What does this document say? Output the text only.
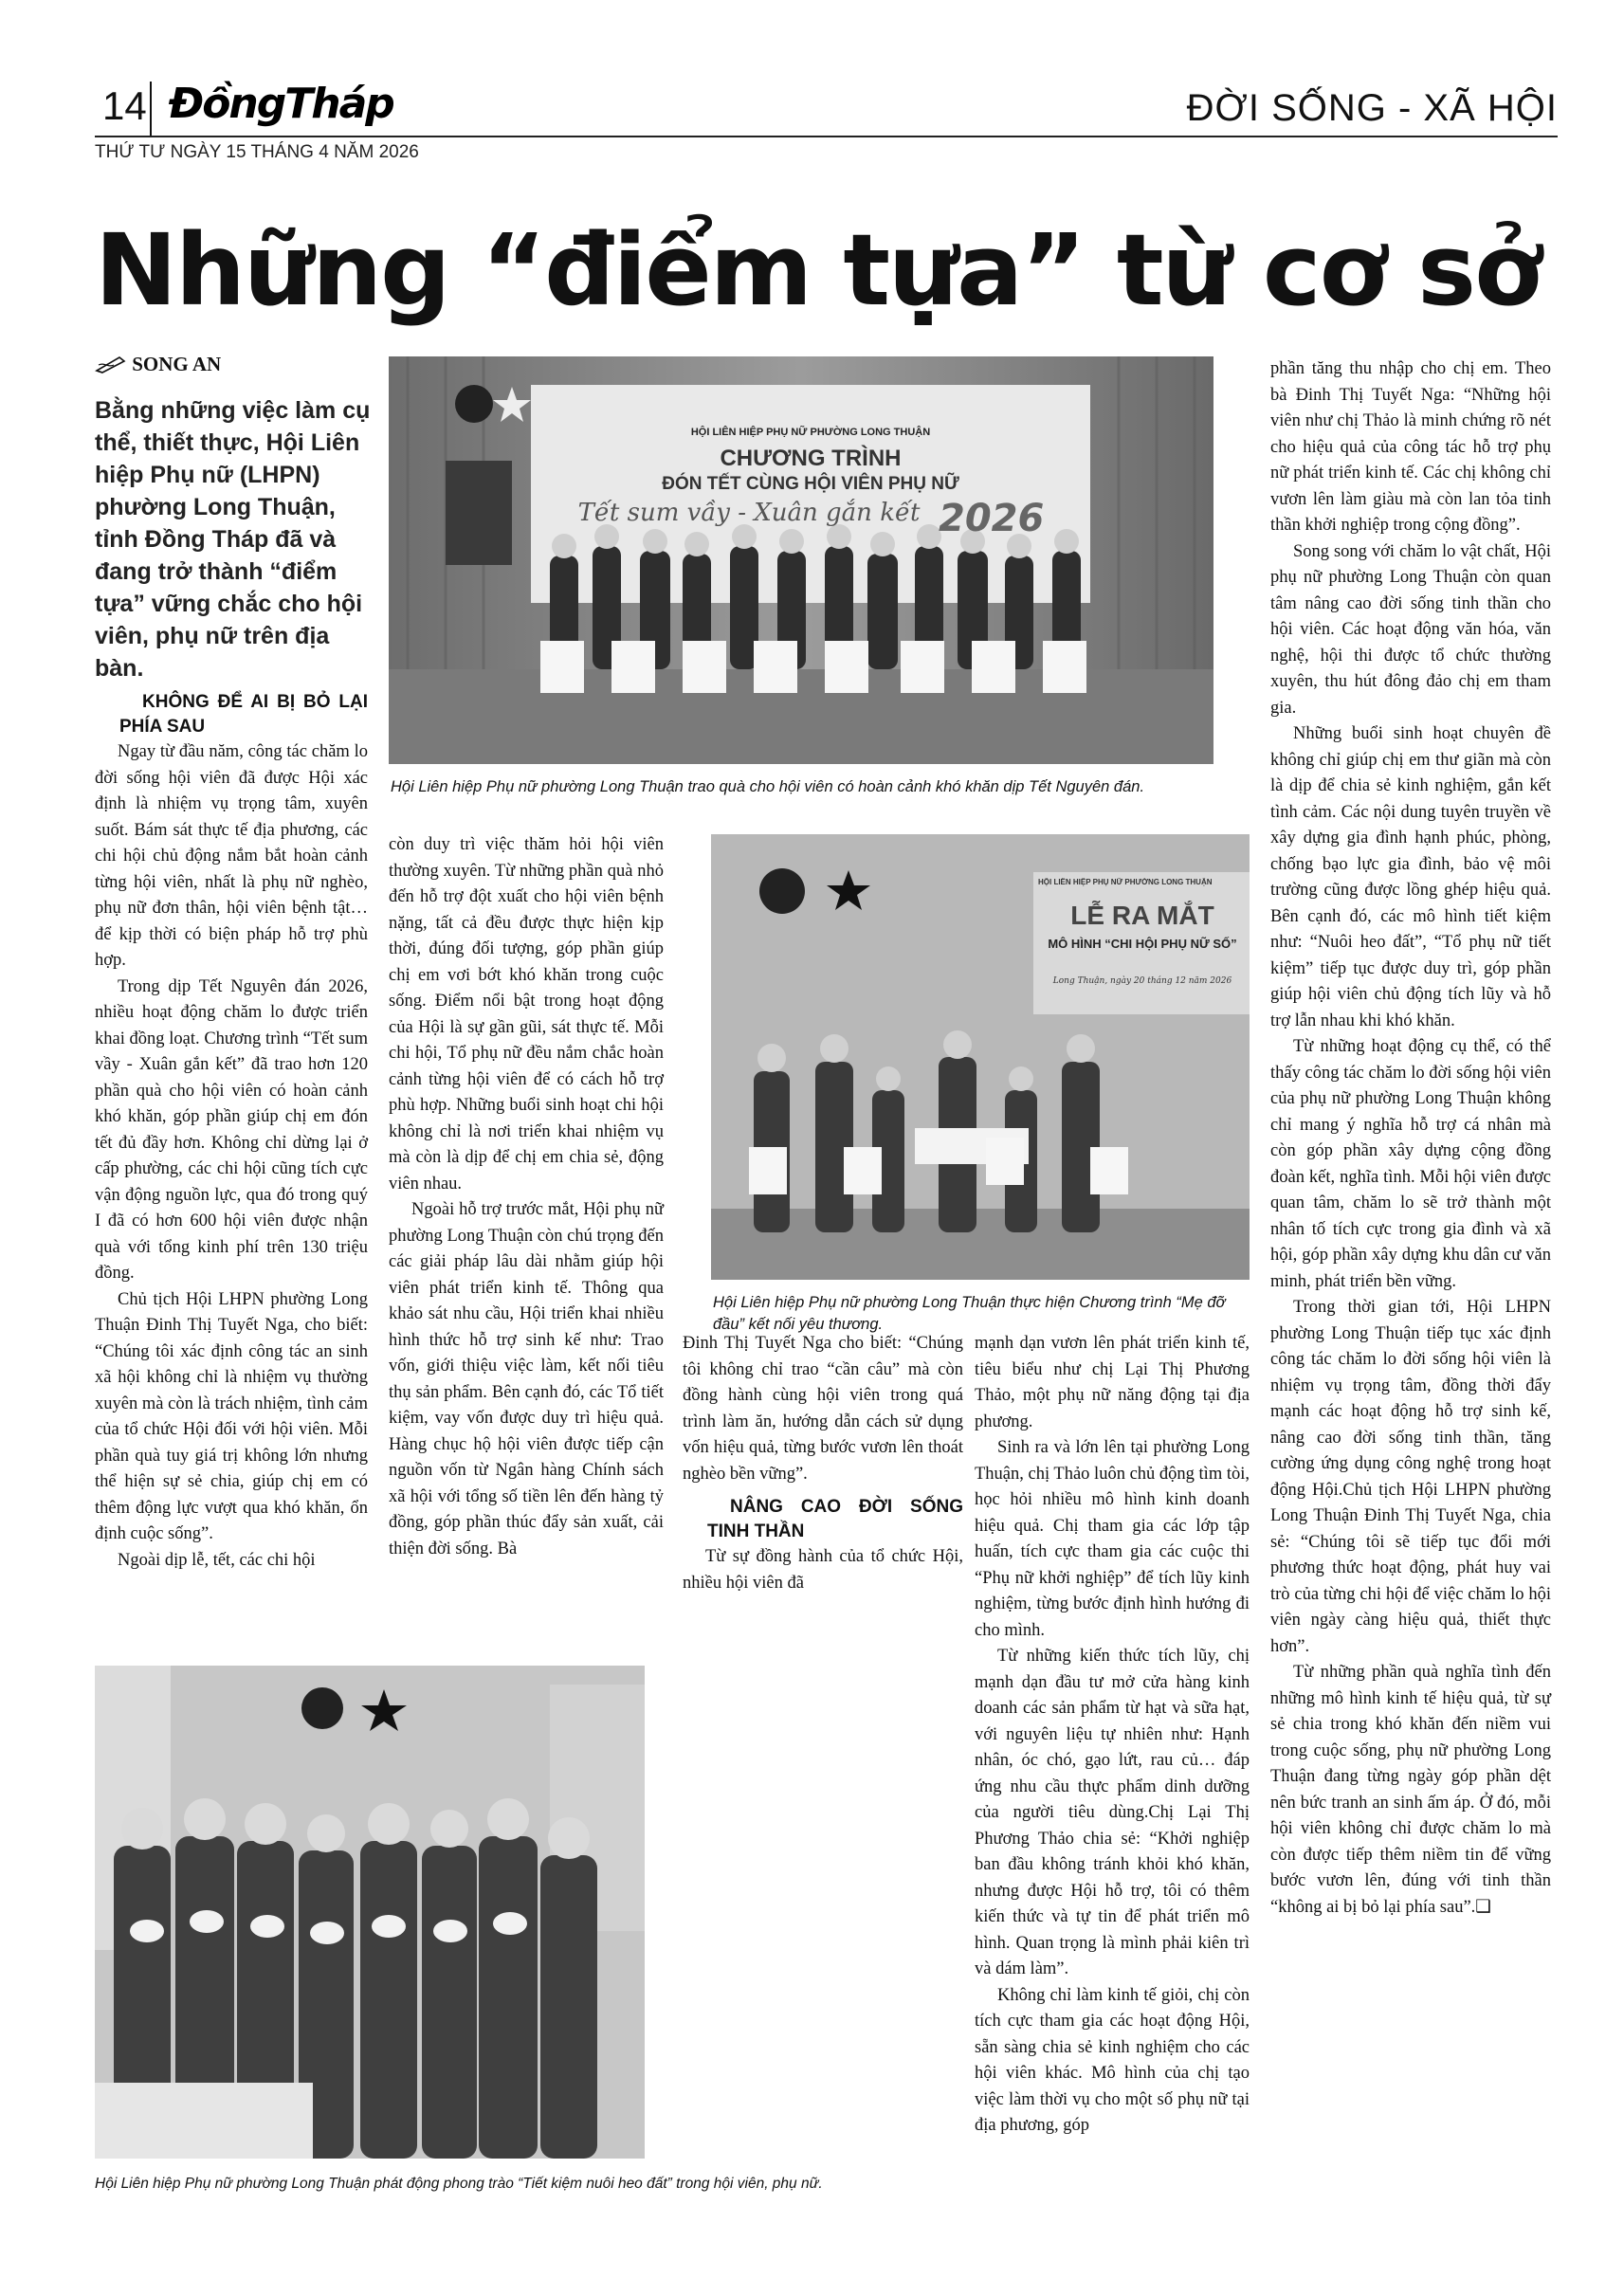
14 ĐồngTháp	ĐỜI SỐNG - XÃ HỘI
THỨ TƯ NGÀY 15 THÁNG 4 NĂM 2026
Những “điểm tựa” từ cơ sở
SONG AN
Bằng những việc làm cụ thể, thiết thực, Hội Liên hiệp Phụ nữ (LHPN) phường Long Thuận, tỉnh Đồng Tháp đã và đang trở thành “điểm tựa” vững chắc cho hội viên, phụ nữ trên địa bàn.
HỘI LIÊN HIỆP PHỤ NỮ PHƯỜNG LONG THUẬN
CHƯƠNG TRÌNH
ĐÓN TẾT CÙNG HỘI VIÊN PHỤ NỮ
Tết sum vầy - Xuân gắn kết 2026
Hội Liên hiệp Phụ nữ phường Long Thuận trao quà cho hội viên có hoàn cảnh khó khăn dịp Tết Nguyên đán.
HỘI LIÊN HIỆP PHỤ NỮ PHƯỜNG LONG THUẬN
LỄ RA MẮT
MÔ HÌNH “CHI HỘI PHỤ NỮ SỐ”
Long Thuận, ngày 20 tháng 12 năm 2026
Hội Liên hiệp Phụ nữ phường Long Thuận thực hiện Chương trình “Mẹ đỡ đầu” kết nối yêu thương.
Hội Liên hiệp Phụ nữ phường Long Thuận phát động phong trào “Tiết kiệm nuôi heo đất” trong hội viên, phụ nữ.

KHÔNG ĐỂ AI BỊ BỎ LẠI PHÍA SAU

Ngay từ đầu năm, công tác chăm lo đời sống hội viên đã được Hội xác định là nhiệm vụ trọng tâm, xuyên suốt. Bám sát thực tế địa phương, các chi hội chủ động nắm bắt hoàn cảnh từng hội viên, nhất là phụ nữ nghèo, phụ nữ đơn thân, hội viên bệnh tật… để kịp thời có biện pháp hỗ trợ phù hợp.

Trong dịp Tết Nguyên đán 2026, nhiều hoạt động chăm lo được triển khai đồng loạt. Chương trình “Tết sum vầy - Xuân gắn kết” đã trao hơn 120 phần quà cho hội viên có hoàn cảnh khó khăn, góp phần giúp chị em đón tết đủ đầy hơn. Không chỉ dừng lại ở cấp phường, các chi hội cũng tích cực vận động nguồn lực, qua đó trong quý I đã có hơn 600 hội viên được nhận quà với tổng kinh phí trên 130 triệu đồng.

Chủ tịch Hội LHPN phường Long Thuận Đinh Thị Tuyết Nga, cho biết: “Chúng tôi xác định công tác an sinh xã hội không chỉ là nhiệm vụ thường xuyên mà còn là trách nhiệm, tình cảm của tổ chức Hội đối với hội viên. Mỗi phần quà tuy giá trị không lớn nhưng thể hiện sự sẻ chia, giúp chị em có thêm động lực vượt qua khó khăn, ổn định cuộc sống”.

Ngoài dịp lễ, tết, các chi hội

còn duy trì việc thăm hỏi hội viên thường xuyên. Từ những phần quà nhỏ đến hỗ trợ đột xuất cho hội viên bệnh nặng, tất cả đều được thực hiện kịp thời, đúng đối tượng, góp phần giúp chị em vơi bớt khó khăn trong cuộc sống. Điểm nổi bật trong hoạt động của Hội là sự gần gũi, sát thực tế. Mỗi chi hội, Tổ phụ nữ đều nắm chắc hoàn cảnh từng hội viên để có cách hỗ trợ phù hợp. Những buổi sinh hoạt chi hội không chỉ là nơi triển khai nhiệm vụ mà còn là dịp để chị em chia sẻ, động viên nhau.

Ngoài hỗ trợ trước mắt, Hội phụ nữ phường Long Thuận còn chú trọng đến các giải pháp lâu dài nhằm giúp hội viên phát triển kinh tế. Thông qua khảo sát nhu cầu, Hội triển khai nhiều hình thức hỗ trợ sinh kế như: Trao vốn, giới thiệu việc làm, kết nối tiêu thụ sản phẩm. Bên cạnh đó, các Tổ tiết kiệm, vay vốn được duy trì hiệu quả. Hàng chục hộ hội viên được tiếp cận nguồn vốn từ Ngân hàng Chính sách xã hội với tổng số tiền lên đến hàng tỷ đồng, góp phần thúc đẩy sản xuất, cải thiện đời sống. Bà

Đinh Thị Tuyết Nga cho biết: “Chúng tôi không chỉ trao “cần câu” mà còn đồng hành cùng hội viên trong quá trình làm ăn, hướng dẫn cách sử dụng vốn hiệu quả, từng bước vươn lên thoát nghèo bền vững”.

NÂNG CAO ĐỜI SỐNG TINH THẦN

Từ sự đồng hành của tổ chức Hội, nhiều hội viên đã

mạnh dạn vươn lên phát triển kinh tế, tiêu biểu như chị Lại Thị Phương Thảo, một phụ nữ năng động tại địa phương.

Sinh ra và lớn lên tại phường Long Thuận, chị Thảo luôn chủ động tìm tòi, học hỏi nhiều mô hình kinh doanh hiệu quả. Chị tham gia các lớp tập huấn, tích cực tham gia các cuộc thi “Phụ nữ khởi nghiệp” để tích lũy kinh nghiệm, từng bước định hình hướng đi cho mình.

Từ những kiến thức tích lũy, chị mạnh dạn đầu tư mở cửa hàng kinh doanh các sản phẩm từ hạt và sữa hạt, với nguyên liệu tự nhiên như: Hạnh nhân, óc chó, gạo lứt, rau củ… đáp ứng nhu cầu thực phẩm dinh dưỡng của người tiêu dùng.Chị Lại Thị Phương Thảo chia sẻ: “Khởi nghiệp ban đầu không tránh khỏi khó khăn, nhưng được Hội hỗ trợ, tôi có thêm kiến thức và tự tin để phát triển mô hình. Quan trọng là mình phải kiên trì và dám làm”.

Không chỉ làm kinh tế giỏi, chị còn tích cực tham gia các hoạt động Hội, sẵn sàng chia sẻ kinh nghiệm cho các hội viên khác. Mô hình của chị tạo việc làm thời vụ cho một số phụ nữ tại địa phương, góp

phần tăng thu nhập cho chị em. Theo bà Đinh Thị Tuyết Nga: “Những hội viên như chị Thảo là minh chứng rõ nét cho hiệu quả của công tác hỗ trợ phụ nữ phát triển kinh tế. Các chị không chỉ vươn lên làm giàu mà còn lan tỏa tinh thần khởi nghiệp trong cộng đồng”.

Song song với chăm lo vật chất, Hội phụ nữ phường Long Thuận còn quan tâm nâng cao đời sống tinh thần cho hội viên. Các hoạt động văn hóa, văn nghệ, hội thi được tổ chức thường xuyên, thu hút đông đảo chị em tham gia.

Những buổi sinh hoạt chuyên đề không chỉ giúp chị em thư giãn mà còn là dịp để chia sẻ kinh nghiệm, gắn kết tình cảm. Các nội dung tuyên truyền về xây dựng gia đình hạnh phúc, phòng, chống bạo lực gia đình, bảo vệ môi trường cũng được lồng ghép hiệu quả. Bên cạnh đó, các mô hình tiết kiệm như: “Nuôi heo đất”, “Tổ phụ nữ tiết kiệm” tiếp tục được duy trì, góp phần giúp hội viên chủ động tích lũy và hỗ trợ lẫn nhau khi khó khăn.

Từ những hoạt động cụ thể, có thể thấy công tác chăm lo đời sống hội viên của phụ nữ phường Long Thuận không chỉ mang ý nghĩa hỗ trợ cá nhân mà còn góp phần xây dựng cộng đồng đoàn kết, nghĩa tình. Mỗi hội viên được quan tâm, chăm lo sẽ trở thành một nhân tố tích cực trong gia đình và xã hội, góp phần xây dựng khu dân cư văn minh, phát triển bền vững.

Trong thời gian tới, Hội LHPN phường Long Thuận tiếp tục xác định công tác chăm lo đời sống hội viên là nhiệm vụ trọng tâm, đồng thời đẩy mạnh các hoạt động hỗ trợ sinh kế, nâng cao đời sống tinh thần, tăng cường ứng dụng công nghệ trong hoạt động Hội.Chủ tịch Hội LHPN phường Long Thuận Đinh Thị Tuyết Nga, chia sẻ: “Chúng tôi sẽ tiếp tục đổi mới phương thức hoạt động, phát huy vai trò của từng chi hội để việc chăm lo hội viên ngày càng hiệu quả, thiết thực hơn”.

Từ những phần quà nghĩa tình đến những mô hình kinh tế hiệu quả, từ sự sẻ chia trong khó khăn đến niềm vui trong cuộc sống, phụ nữ phường Long Thuận đang từng ngày góp phần dệt nên bức tranh an sinh ấm áp. Ở đó, mỗi hội viên không chỉ được chăm lo mà còn được tiếp thêm niềm tin để vững bước vươn lên, đúng với tinh thần “không ai bị bỏ lại phía sau”.❑
